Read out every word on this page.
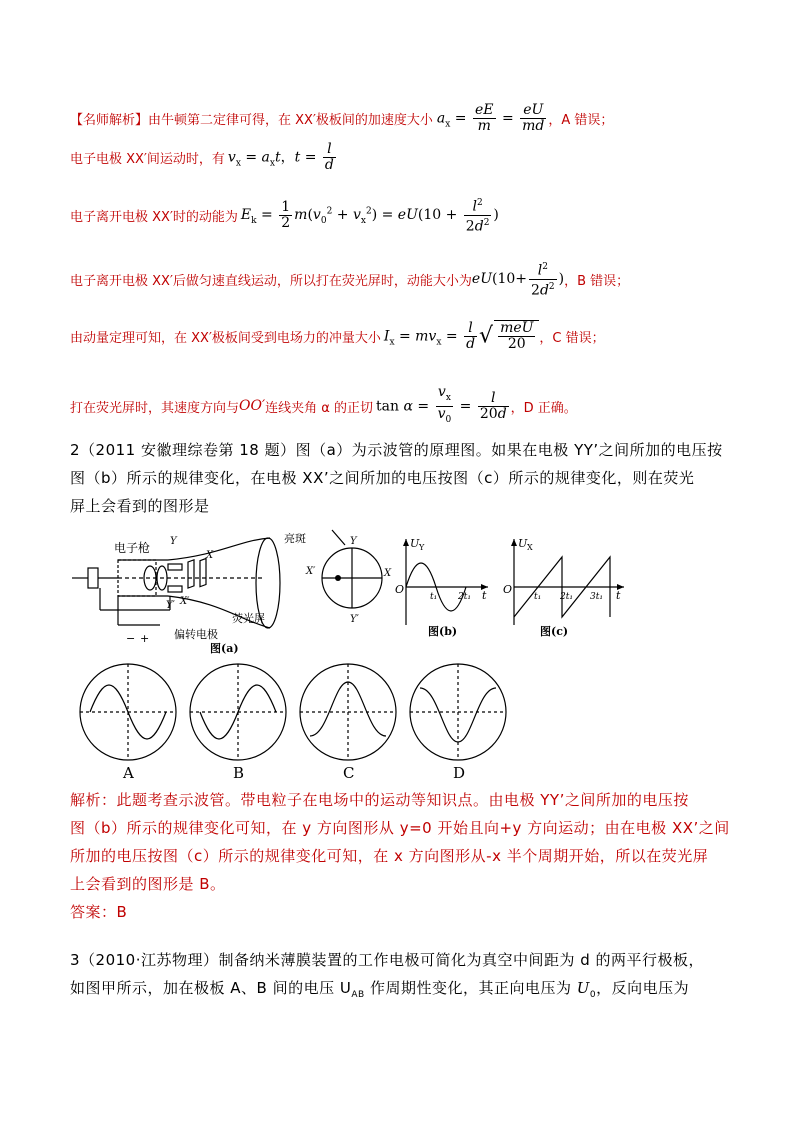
【名师解析】 由牛顿第二定律可得，在 XX′极板间的加速度大小 $a_x = \frac{eE}{m} = \frac{eU}{md}$ ，A 错误；
电子电极 XX′间运动时，有 $v_x = a_xt$，$t = \frac{l}{d}$
电子离开电极 XX′时的动能为 $E_k = \frac{1}{2} m(v_0^2 + v_x^2) = eU(10 + \frac{l^2}{2d^2}$ )
电子离开电极 XX′后做匀速直线运动，所以打在荧光屏时，动能大小为 $eU(10+ \frac{l^2}{2d^2}$ ) ，B 错误；
由动量定理可知，在 XX′极板间受到电场力的冲量大小 $I_x = mv_x = \frac{l}{d}$ √ $\frac{\text{meU}}{20}$ ，C 错误；
打在荧光屏时，其速度方向与 OO′ 连线夹角 α 的正切 $\tan \alpha = \frac{v_x}{v_0} = \frac{l}{20d}$ ，D 正确。
2（2011 安徽理综卷第 18 题）图（a）为示波管的原理图。如果在电极 YY’之间所加的电压按
图（b）所示的规律变化，在电极 XX’之间所加的电压按图（c）所示的规律变化，则在荧光
屏上会看到的图形是
电子枪
偏转电极
荧光屏
亮斑
图(a)
− +
Y
Y′
X
X′
Y
Y′
X
X′
U Y
O
t₁ 2t₁ t
图(b)
U X
O
t₁ 2t₁ 3t₁ t
图(c)
A	B	C	D
解析：此题考查示波管。带电粒子在电场中的运动等知识点。由电极 YY’之间所加的电压按
图（b）所示的规律变化可知，在 y 方向图形从 y=0 开始且向+y 方向运动；由在电极 XX’之间
所加的电压按图（c）所示的规律变化可知，在 x 方向图形从-x 半个周期开始，所以在荧光屏
上会看到的图形是 B。
答案：B
3（2010·江苏物理）制备纳米薄膜装置的工作电极可简化为真空中间距为 d 的两平行极板，
如图甲所示，加在极板 A、B 间的电压 $U_{AB}$ 作周期性变化，其正向电压为 $U_0$，反向电压为
